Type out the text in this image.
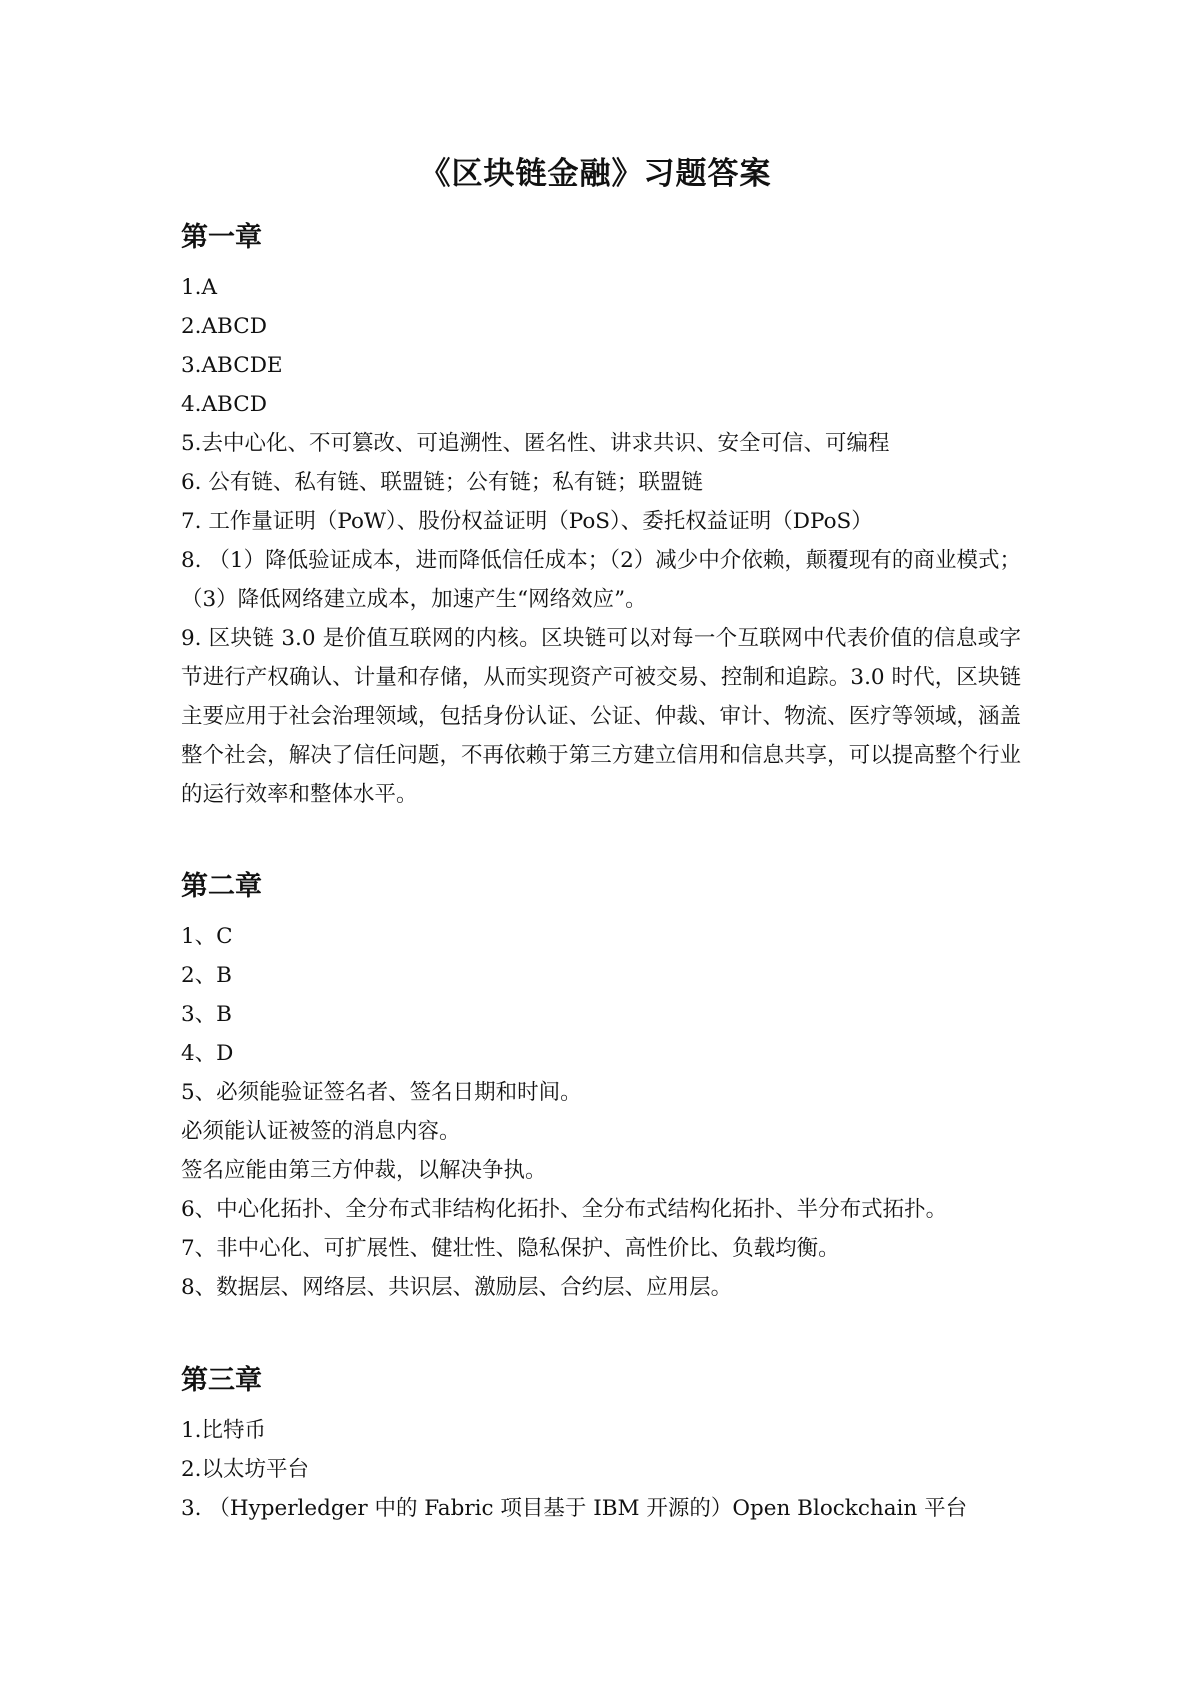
《区块链金融》习题答案
第一章
1.A
2.ABCD
3.ABCDE
4.ABCD
5.去中心化、不可篡改、可追溯性、匿名性、讲求共识、安全可信、可编程
6. 公有链、私有链、联盟链；公有链；私有链；联盟链
7. 工作量证明（PoW）、股份权益证明（PoS）、委托权益证明（DPoS）
8. （1）降低验证成本，进而降低信任成本；（2）减少中介依赖，颠覆现有的商业模式；（3）降低网络建立成本，加速产生“网络效应”。
9. 区块链 3.0 是价值互联网的内核。区块链可以对每一个互联网中代表价值的信息或字节进行产权确认、计量和存储，从而实现资产可被交易、控制和追踪。3.0 时代，区块链主要应用于社会治理领域，包括身份认证、公证、仲裁、审计、物流、医疗等领域，涵盖整个社会，解决了信任问题，不再依赖于第三方建立信用和信息共享，可以提高整个行业的运行效率和整体水平。
第二章
1、C
2、B
3、B
4、D
5、必须能验证签名者、签名日期和时间。
必须能认证被签的消息内容。
签名应能由第三方仲裁，以解决争执。
6、中心化拓扑、全分布式非结构化拓扑、全分布式结构化拓扑、半分布式拓扑。
7、非中心化、可扩展性、健壮性、隐私保护、高性价比、负载均衡。
8、数据层、网络层、共识层、激励层、合约层、应用层。
第三章
1.比特币
2.以太坊平台
3. （Hyperledger 中的 Fabric 项目基于 IBM 开源的）Open Blockchain 平台
